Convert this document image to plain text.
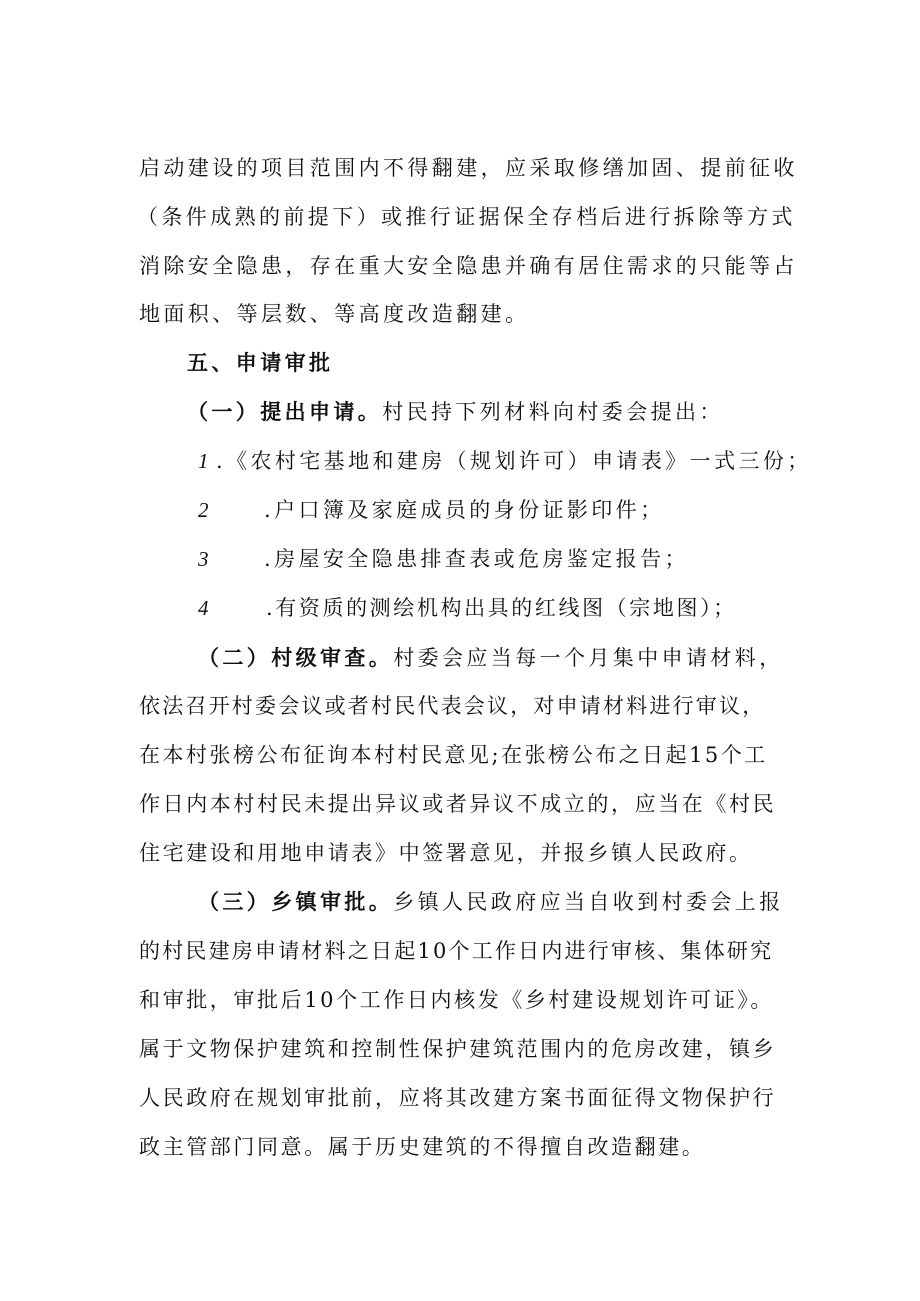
启动建设的项目范围内不得翻建，应采取修缮加固、提前征收
（条件成熟的前提下）或推行证据保全存档后进行拆除等方式
消除安全隐患，存在重大安全隐患并确有居住需求的只能等占
地面积、等层数、等高度改造翻建。
五、申请审批
（一）提出申请。村民持下列材料向村委会提出：
1 .《农村宅基地和建房（规划许可）申请表》一式三份；
2 .户口簿及家庭成员的身份证影印件；
3 .房屋安全隐患排查表或危房鉴定报告；
4	.有资质的测绘机构出具的红线图（宗地图）；
（二）村级审查。村委会应当每一个月集中申请材料，
依法召开村委会议或者村民代表会议，对申请材料进行审议，
在本村张榜公布征询本村村民意见;在张榜公布之日起15个工
作日内本村村民未提出异议或者异议不成立的，应当在《村民
住宅建设和用地申请表》中签署意见，并报乡镇人民政府。
（三）乡镇审批。乡镇人民政府应当自收到村委会上报
的村民建房申请材料之日起10个工作日内进行审核、集体研究
和审批，审批后10个工作日内核发《乡村建设规划许可证》。
属于文物保护建筑和控制性保护建筑范围内的危房改建，镇乡
人民政府在规划审批前，应将其改建方案书面征得文物保护行
政主管部门同意。属于历史建筑的不得擅自改造翻建。
